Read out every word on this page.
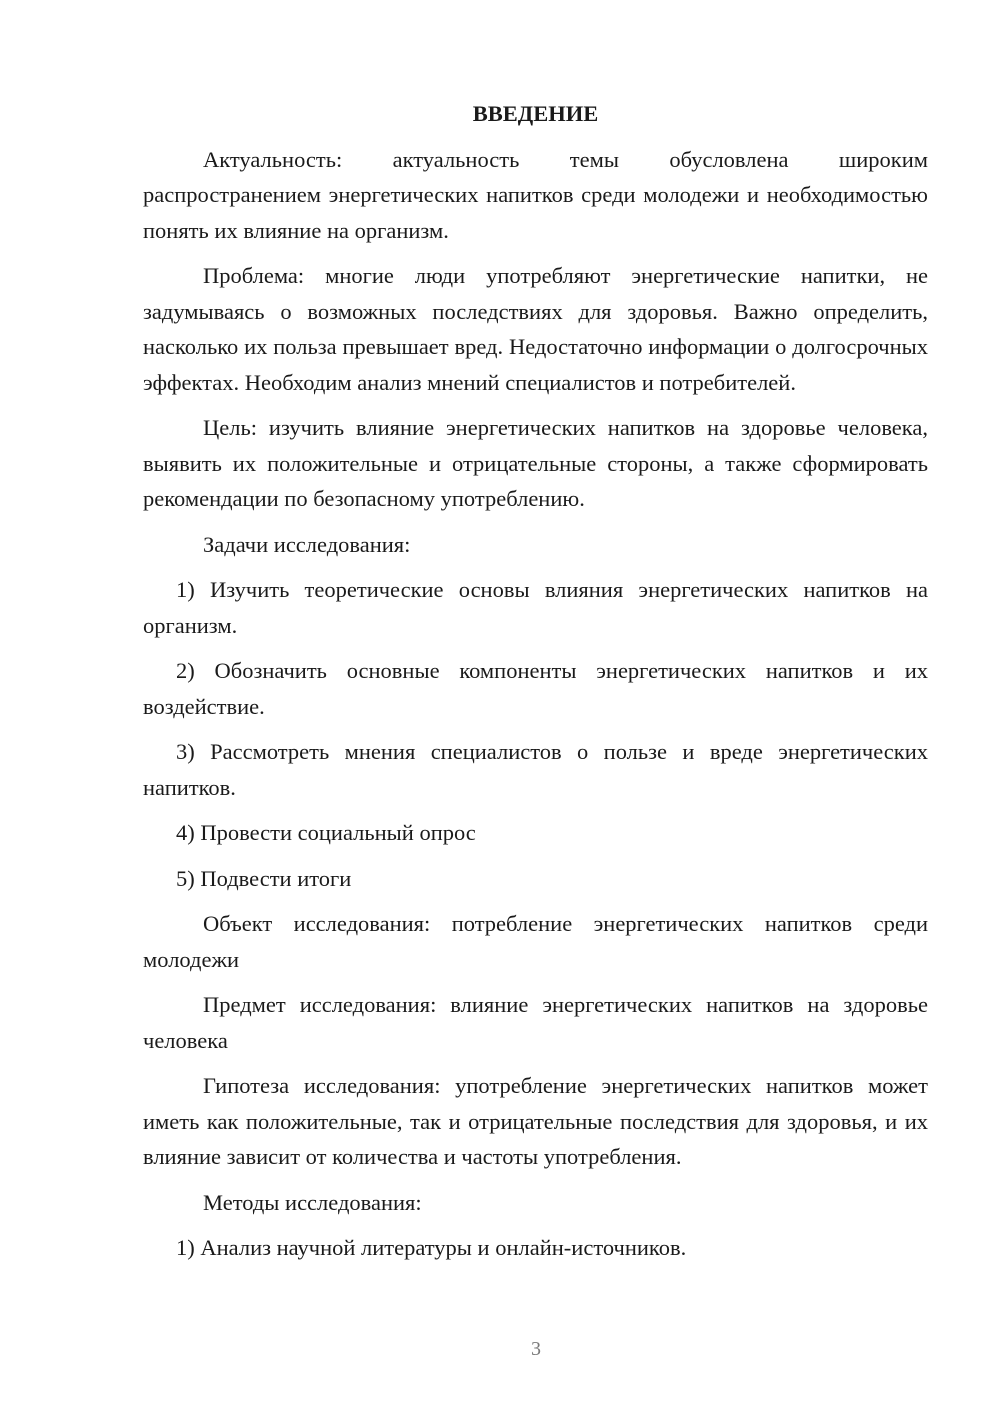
ВВЕДЕНИЕ

Актуальность: актуальность темы обусловлена широким распространением энергетических напитков среди молодежи и необходимостью понять их влияние на организм.

Проблема: многие люди употребляют энергетические напитки, не задумываясь о возможных последствиях для здоровья. Важно определить, насколько их польза превышает вред. Недостаточно информации о долгосрочных эффектах. Необходим анализ мнений специалистов и потребителей.

Цель: изучить влияние энергетических напитков на здоровье человека, выявить их положительные и отрицательные стороны, а также сформировать рекомендации по безопасному употреблению.

Задачи исследования:

1) Изучить теоретические основы влияния энергетических напитков на организм.

2) Обозначить основные компоненты энергетических напитков и их воздействие.

3) Рассмотреть мнения специалистов о пользе и вреде энергетических напитков.

4) Провести социальный опрос

5) Подвести итоги

Объект исследования: потребление энергетических напитков среди молодежи

Предмет исследования: влияние энергетических напитков на здоровье человека

Гипотеза исследования: употребление энергетических напитков может иметь как положительные, так и отрицательные последствия для здоровья, и их влияние зависит от количества и частоты употребления.

Методы исследования:

1) Анализ научной литературы и онлайн-источников.

3
